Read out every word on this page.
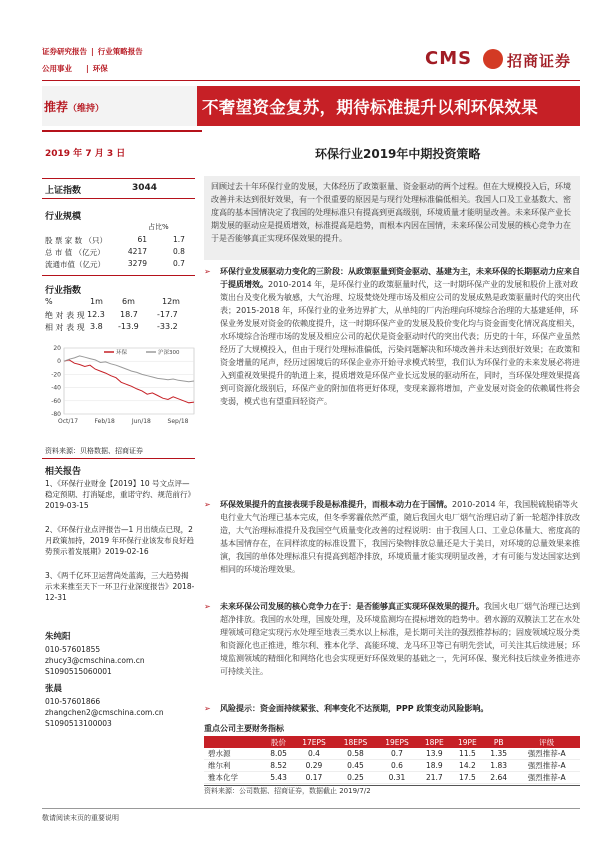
证券研究报告 | 行业策略报告
公用事业 | 环保	CMS 招商证券
推荐（维持）	不奢望资金复苏，期待标准提升以利环保效果
2019 年 7 月 3 日	环保行业2019年中期投资策略
上证指数	3044
行业规模
占比%
股 票 家 数 （只）	61	1.7
总 市 值 （亿元）	4217	0.8
流通市值（亿元）	3279	0.7
行业指数
%	1m 6m	12m
绝 对 表 现 12.3 18.7 -17.7
相 对 表 现 3.8 -13.9 -33.2
20
0
-20
-40
-60
-80
Oct/17	Feb/18	Jun/18	Sep/18
环保	沪深300
资料来源：贝格数据、招商证券
相关报告
1、《环保行业财金【2019】10 号文点评—稳定预期、打消疑虑，重诺守约、规范前行》2019-03-15
2、《环保行业点评报告—1 月出绩点已现，2 月政策加持，2019 年环保行业该发布良好趋势预示着发展期》2019-02-16
3、《两千亿环卫运营尚处蓝海，三大趋势揭示未来推至天下一环卫行业深度报告》2018-12-31
朱纯阳
010-57601855
zhucy3@cmschina.com.cn
S1090515060001
张晨
010-57601866
zhangchen2@cmschina.com.cn
S1090513100003
回顾过去十年环保行业的发展，大体经历了政策驱量、资金驱动的两个过程。但在大规模投入后，环境改善并未达到很好效果，有一个很重要的原因是与现行处理标准偏低相关。我国人口及工业基数大、密度高的基本国情决定了我国的处理标准只有提高到更高级别，环境质量才能明显改善。未来环保产业长期发展的驱动应是提质增效，标准提高是趋势，而根本内因在国情，未来环保公司发展的核心竞争力在于是否能够真正实现环保效果的提升。
➢	环保行业发展驱动力变化的三阶段：从政策驱量到资金驱动、基建为主，未来环保的长期驱动力应来自于提质增效。2010-2014 年，是环保行业的政策驱量时代，这一时期环保产业的发展和股价上涨对政策出台及变化极为敏感，大气治理、垃圾焚烧处理市场及相应公司的发展成熟是政策驱量时代的突出代表；2015-2018 年，环保行业的业务边界扩大，从单纯的厂内治理向环境综合治理的大基建延伸，环保业务发展对资金的依赖度提升，这一时期环保产业的发展及股价变化均与资金面变化情况高度相关，水环境综合治理市场的发展及相应公司的起伏是资金驱动时代的突出代表；历史的十年，环保产业虽然经历了大规模投入，但由于现行处理标准偏低，污染问题解决和环境改善并未达到很好效果；在政策和资金增量的尾声，经历过困境后的环保企业亦开始寻求模式转型，我们认为环保行业的未来发展必将进入到重视效果提升的轨道上来，提质增效是环保产业长远发展的驱动所在，同时，当环保处理效果提高到可资源化级别后，环保产业的附加值将更好体现，变现来源将增加，产业发展对资金的依赖属性将会变弱，模式也有望重回轻资产。
➢	环保效果提升的直接表现手段是标准提升，而根本动力在于国情。2010-2014 年，我国脱硫脱硝等火电行业大气治理已基本完成，但冬季雾霾依然严重，随后我国火电厂烟气治理启动了新一轮超净排放改造，大气治理标准提升及我国空气质量变化改善的过程说明：由于我国人口、工业总体量大、密度高的基本国情存在，在同样浓度的标准设置下，我国污染物排放总量还是大于美日，对环境的总量效果来推演，我国的单体处理标准只有提高到超净排放，环境质量才能实现明显改善，才有可能与发达国家达到相同的环境治理效果。
➢	未来环保公司发展的核心竞争力在于：是否能够真正实现环保效果的提升。我国火电厂烟气治理已达到超净排放。我国的水处理，国废处理，及环境监测均在提标增效的趋势中。碧水源的双膜法工艺在水处理领域可稳定实现污水处理至地表三类水以上标准，是长期可关注的强烈推荐标的；固废领域垃圾分类和资源化也正推进，维尔利、雅本化学、高能环境、龙马环卫等已有明先尝试，可关注其后续进展；环境监测领域的精细化和网络化也会实现更好环保效果的基础之一，先河环保、聚光科技后续业务推进亦可持续关注。
➢	风险提示：资金面持续紧张、利率变化不达预期，PPP 政策变动风险影响。
重点公司主要财务指标
	股价	17EPS	18EPS	19EPS	18PE	19PE	PB	评级
碧水源	8.05	0.4	0.58	0.7	13.9	11.5	1.35	强烈推荐-A
维尔利	8.52	0.29	0.45	0.6	18.9	14.2	1.83	强烈推荐-A
雅本化学	5.43	0.17	0.25	0.31	21.7	17.5	2.64	强烈推荐-A
资料来源：公司数据、招商证券，数据截止 2019/7/2
敬请阅读末页的重要说明
